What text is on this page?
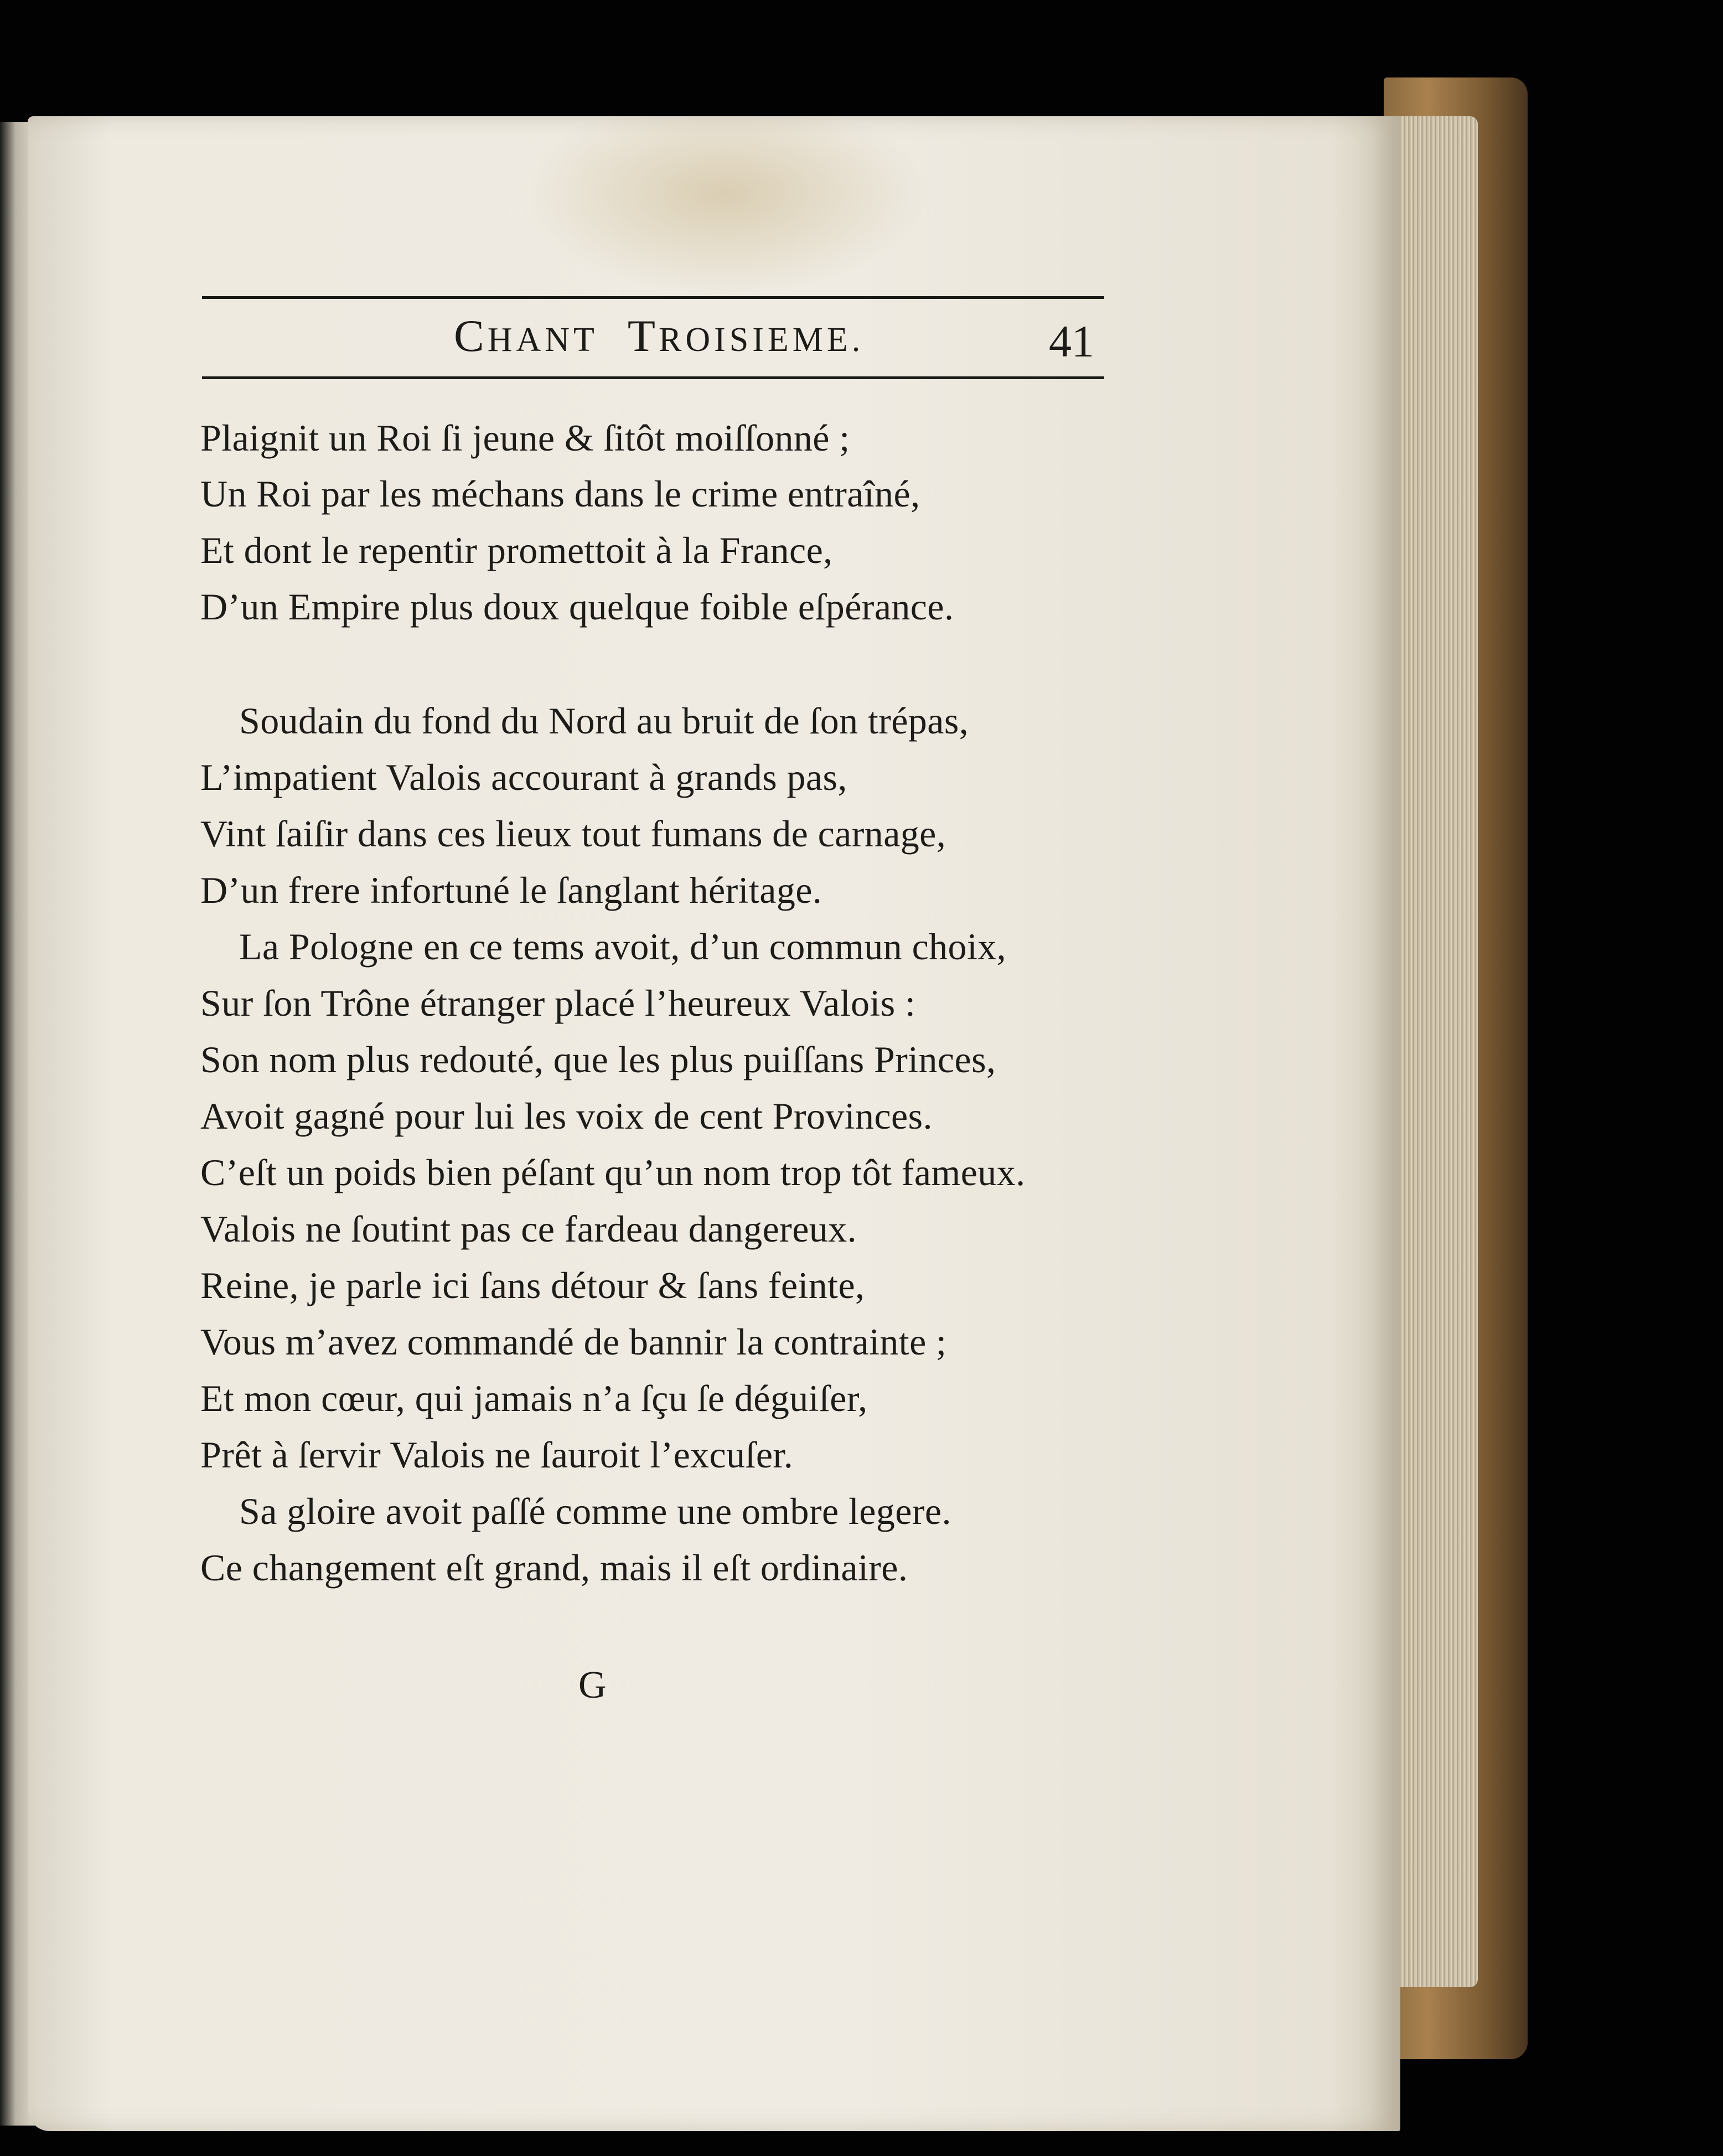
CHANT TROISIEME.	41
Plaignit un Roi ſi jeune & ſitôt moiſſonné ;
Un Roi par les méchans dans le crime entraîné,
Et dont le repentir promettoit à la France,
D’un Empire plus doux quelque foible eſpérance.
Soudain du fond du Nord au bruit de ſon trépas,
L’impatient Valois accourant à grands pas,
Vint ſaiſir dans ces lieux tout fumans de carnage,
D’un frere infortuné le ſanglant héritage.
La Pologne en ce tems avoit, d’un commun choix,
Sur ſon Trône étranger placé l’heureux Valois :
Son nom plus redouté, que les plus puiſſans Princes,
Avoit gagné pour lui les voix de cent Provinces.
C’eſt un poids bien péſant qu’un nom trop tôt fameux.
Valois ne ſoutint pas ce fardeau dangereux.
Reine, je parle ici ſans détour & ſans feinte,
Vous m’avez commandé de bannir la contrainte ;
Et mon cœur, qui jamais n’a ſçu ſe déguiſer,
Prêt à ſervir Valois ne ſauroit l’excuſer.
Sa gloire avoit paſſé comme une ombre legere.
Ce changement eſt grand, mais il eſt ordinaire.
G
